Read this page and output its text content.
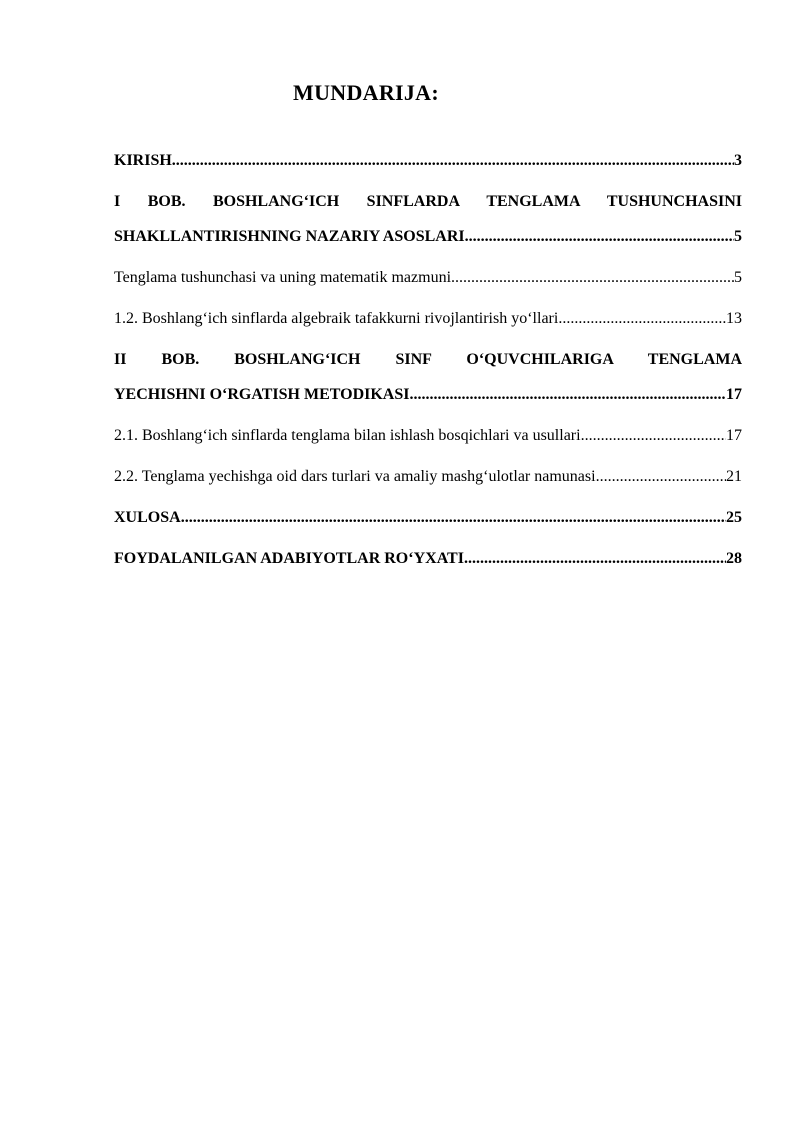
MUNDARIJA:
KIRISH .....	3
I BOB. BOSHLANG‘ICH SINFLARDA TENGLAMA TUSHUNCHASINI
SHAKLLANTIRISHNING NAZARIY ASOSLARI .....	5
Tenglama tushunchasi va uning matematik mazmuni .....	5
1.2. Boshlang‘ich sinflarda algebraik tafakkurni rivojlantirish yo‘llari .....	13
II BOB. BOSHLANG‘ICH SINF O‘QUVCHILARIGA TENGLAMA
YECHISHNI O‘RGATISH METODIKASI .....	17
2.1. Boshlang‘ich sinflarda tenglama bilan ishlash bosqichlari va usullari .....	17
2.2. Tenglama yechishga oid dars turlari va amaliy mashg‘ulotlar namunasi .....	21
XULOSA .....	25
FOYDALANILGAN ADABIYOTLAR RO‘YXATI .....	28
